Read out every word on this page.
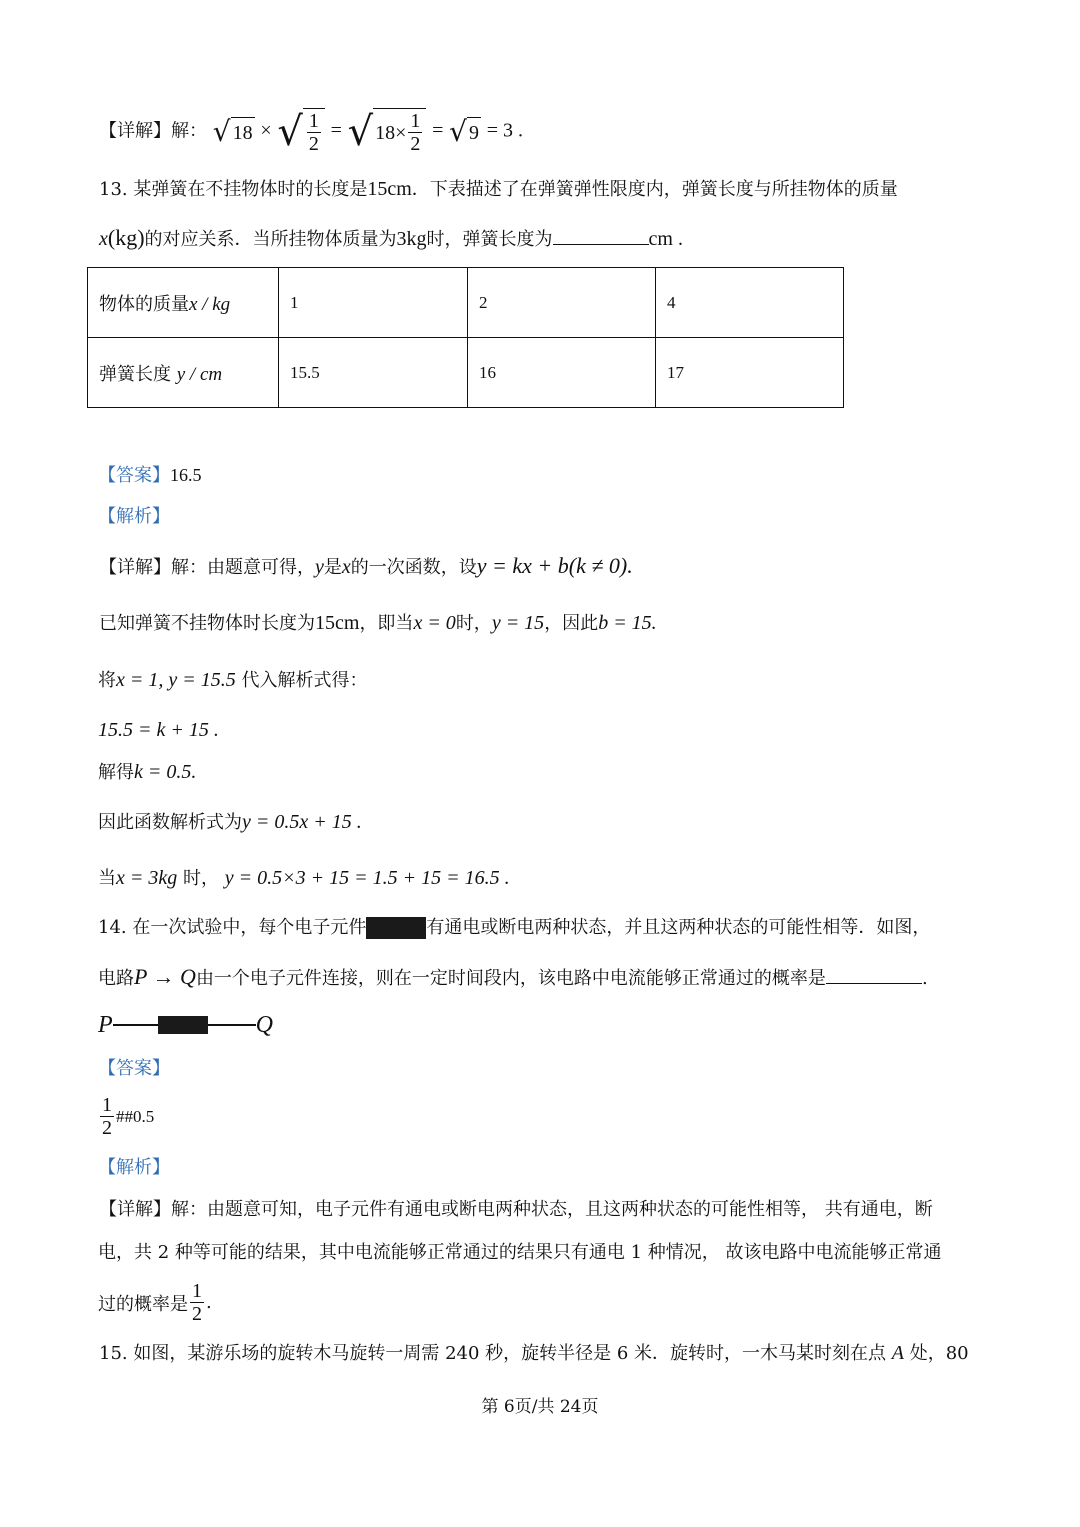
【详解】解： √ 18 × √ $\frac{1}{2}$ = √ $18\times \frac{1}{2}$ = √ 9 = 3 .
13. 某弹簧在不挂物体时的长度是15cm．下表描述了在弹簧弹性限度内，弹簧长度与所挂物体的质量
x(kg)的对应关系．当所挂物体质量为3kg时，弹簧长度为	cm .
物体的质量x / kg	1	2	4
弹簧长度 y / cm	15.5	16	17
【答案】16.5
【解析】
【详解】解：由题意可得，y是x的一次函数，设y = kx + b(k ≠ 0).
已知弹簧不挂物体时长度为15cm，即当x = 0时，y = 15，因此b = 15.
将x = 1, y = 15.5 代入解析式得：
15.5 = k + 15 .
解得k = 0.5.
因此函数解析式为y = 0.5x + 15 .
当x = 3kg 时， y = 0.5×3 + 15 = 1.5 + 15 = 16.5 .
14. 在一次试验中，每个电子元件	有通电或断电两种状态，并且这两种状态的可能性相等．如图，
电路P → Q由一个电子元件连接，则在一定时间段内，该电路中电流能够正常通过的概率是	.
P	Q
【答案】
$\frac{1}{2}$ ##0.5
【解析】
【详解】解：由题意可知，电子元件有通电或断电两种状态，且这两种状态的可能性相等， 共有通电，断
电，共 2 种等可能的结果，其中电流能够正常通过的结果只有通电 1 种情况， 故该电路中电流能够正常通
过的概率是 $\frac{1}{2}$ .
15. 如图，某游乐场的旋转木马旋转一周需 240 秒，旋转半径是 6 米．旋转时，一木马某时刻在点 A 处，80
第 6页/共 24页
